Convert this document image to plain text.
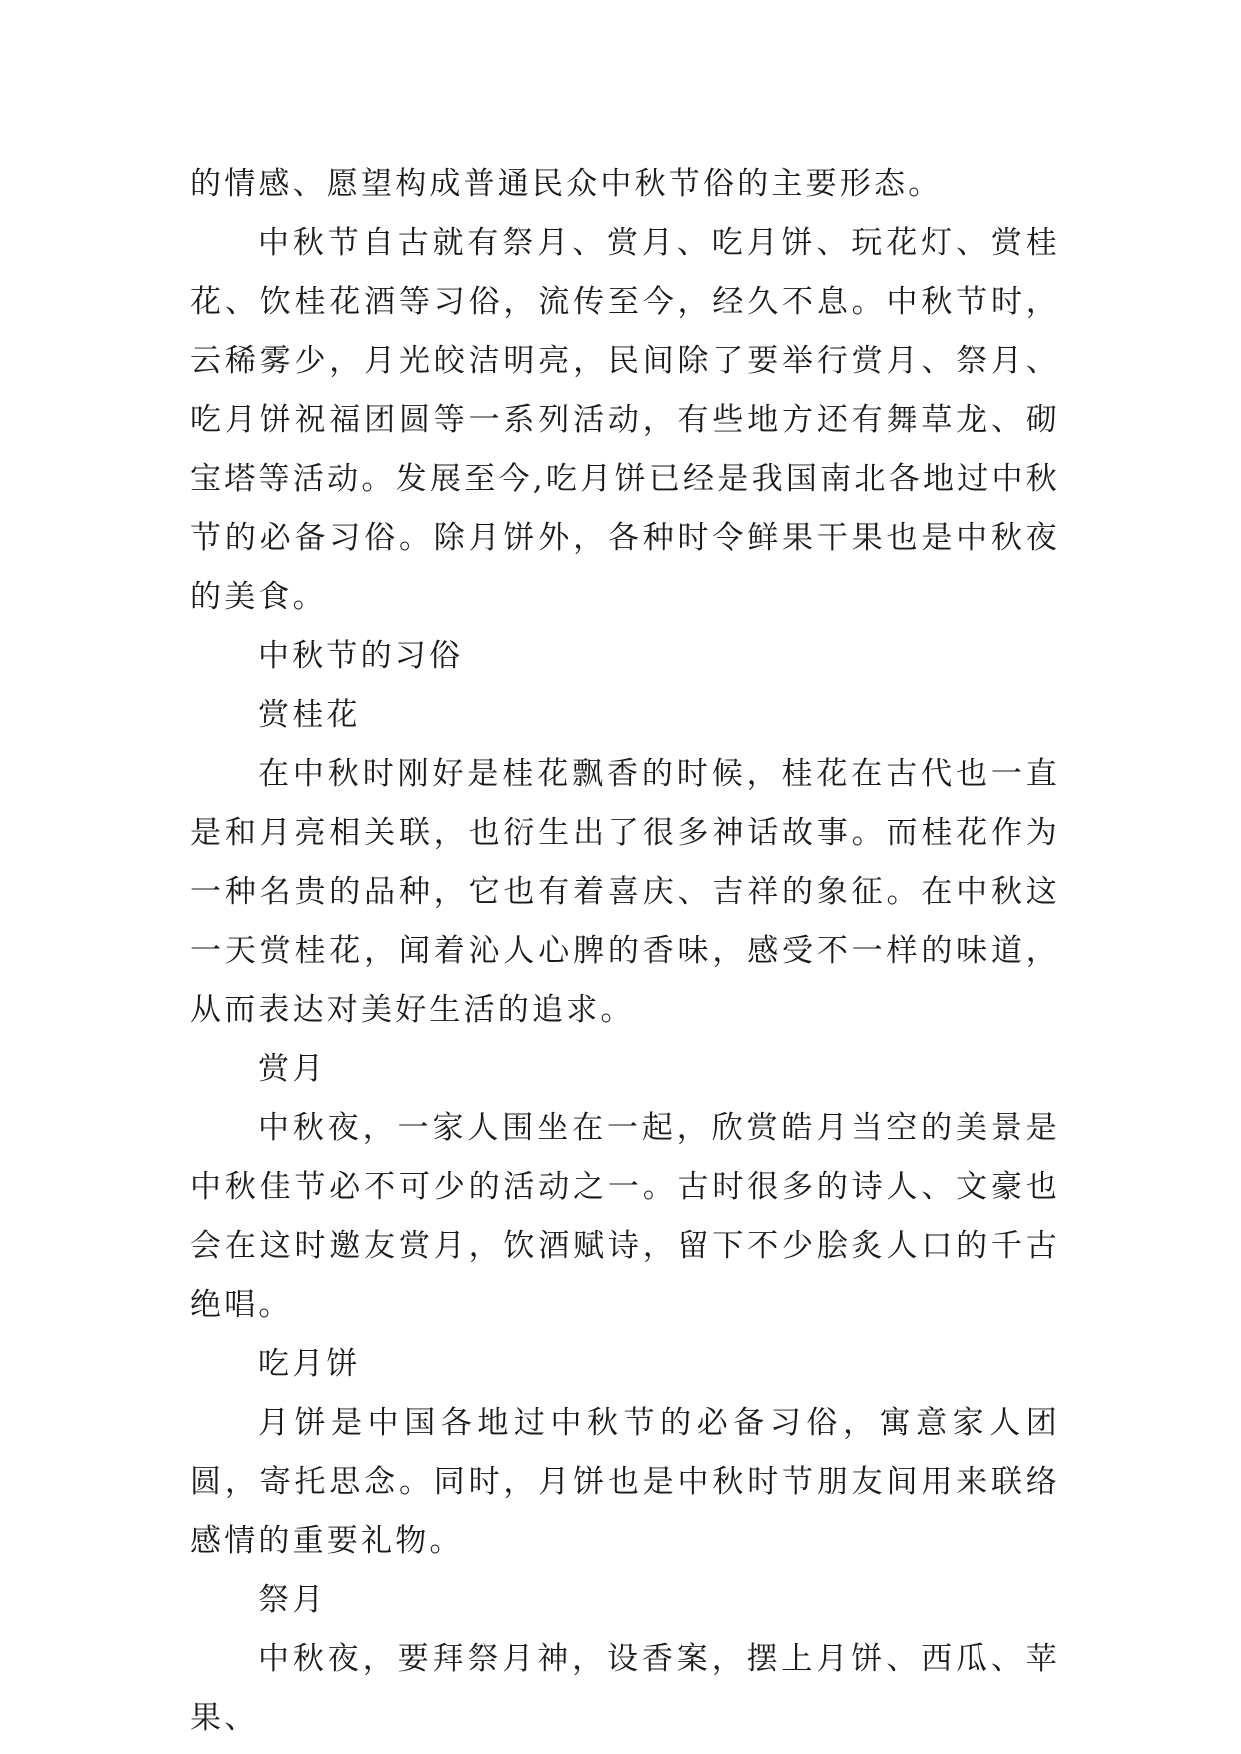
的情感、愿望构成普通民众中秋节俗的主要形态。

中秋节自古就有祭月、赏月、吃月饼、玩花灯、赏桂花、饮桂花酒等习俗，流传至今，经久不息。中秋节时，云稀雾少，月光皎洁明亮，民间除了要举行赏月、祭月、吃月饼祝福团圆等一系列活动，有些地方还有舞草龙、砌宝塔等活动。发展至今,吃月饼已经是我国南北各地过中秋节的必备习俗。除月饼外，各种时令鲜果干果也是中秋夜的美食。

中秋节的习俗

赏桂花

在中秋时刚好是桂花飘香的时候，桂花在古代也一直是和月亮相关联，也衍生出了很多神话故事。而桂花作为一种名贵的品种，它也有着喜庆、吉祥的象征。在中秋这一天赏桂花，闻着沁人心脾的香味，感受不一样的味道，从而表达对美好生活的追求。

赏月

中秋夜，一家人围坐在一起，欣赏皓月当空的美景是中秋佳节必不可少的活动之一。古时很多的诗人、文豪也会在这时邀友赏月，饮酒赋诗，留下不少脍炙人口的千古绝唱。

吃月饼

月饼是中国各地过中秋节的必备习俗，寓意家人团圆，寄托思念。同时，月饼也是中秋时节朋友间用来联络感情的重要礼物。

祭月

中秋夜，要拜祭月神，设香案，摆上月饼、西瓜、苹果、
